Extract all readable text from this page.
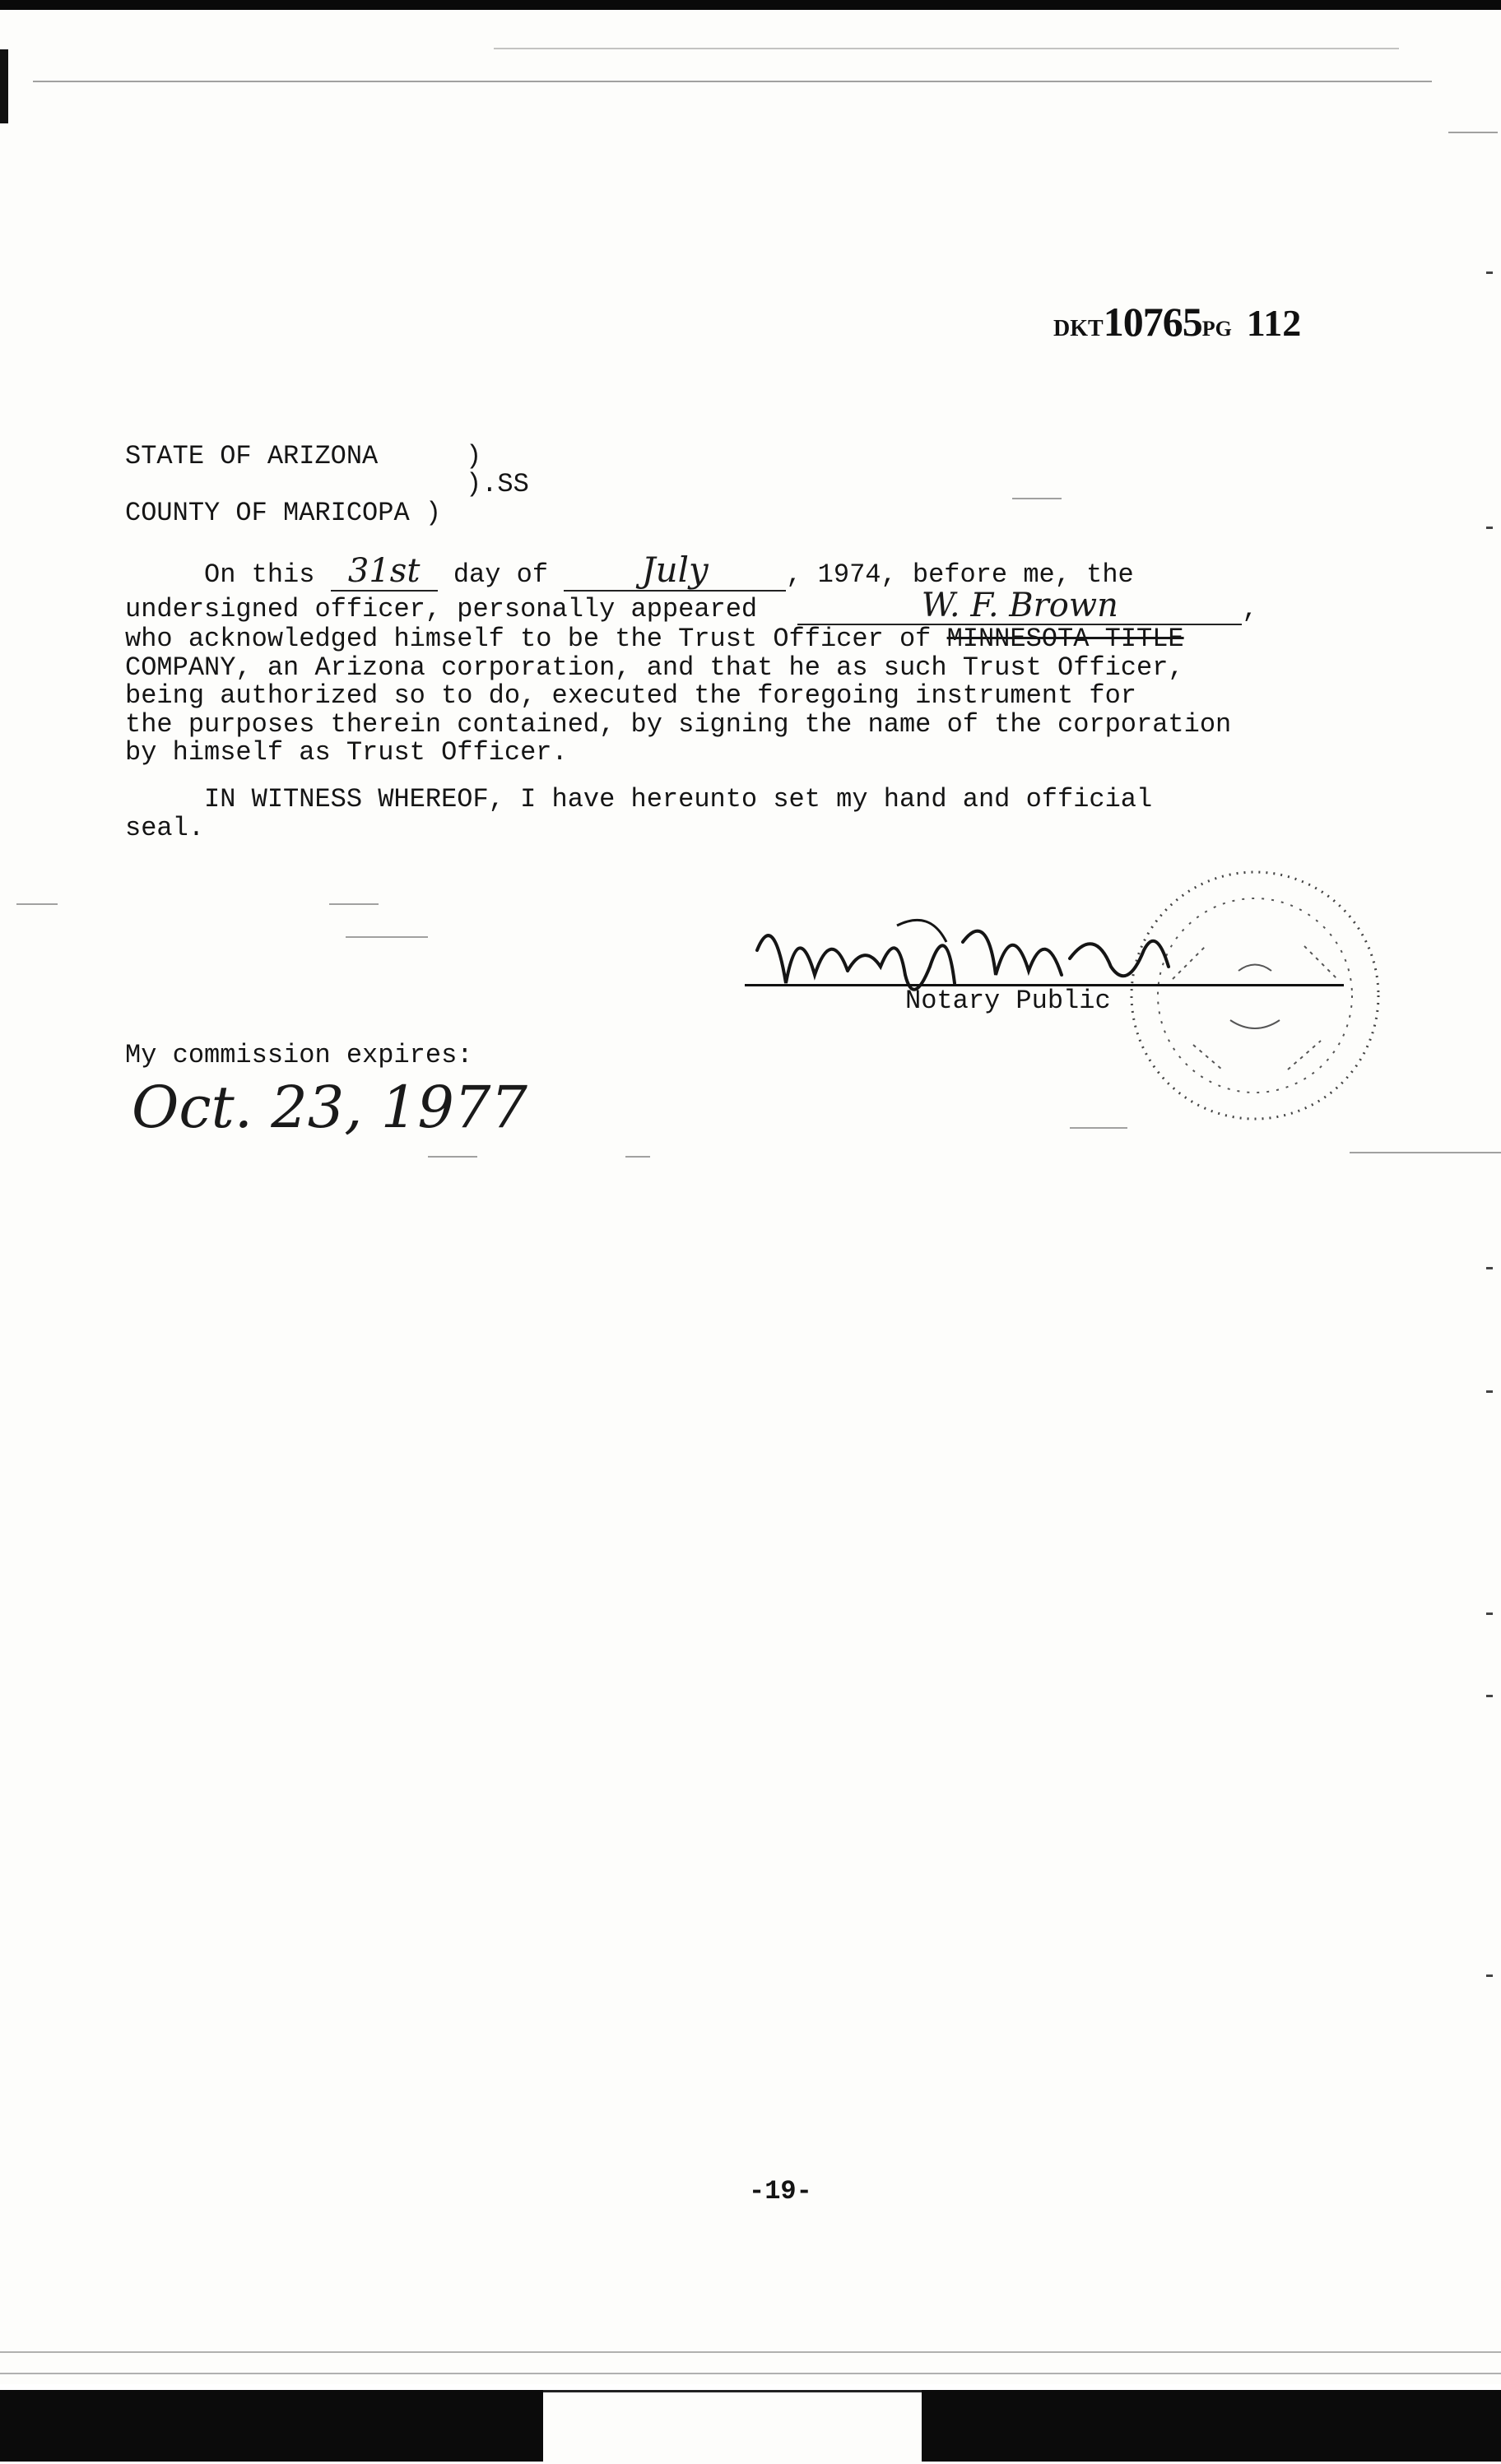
DKT10765PG 112
STATE OF ARIZONA	)
).SS
COUNTY OF MARICOPA )
On this 31st day of July	, 1974, before me, the
undersigned officer, personally appeared	W. F. Brown	,
who acknowledged himself to be the Trust Officer of MINNESOTA TITLE
COMPANY, an Arizona corporation, and that he as such Trust Officer,
being authorized so to do, executed the foregoing instrument for
the purposes therein contained, by signing the name of the corporation
by himself as Trust Officer.
IN WITNESS WHEREOF, I have hereunto set my hand and official
seal.
Notary Public
My commission expires:
Oct. 23, 1977
-19-
